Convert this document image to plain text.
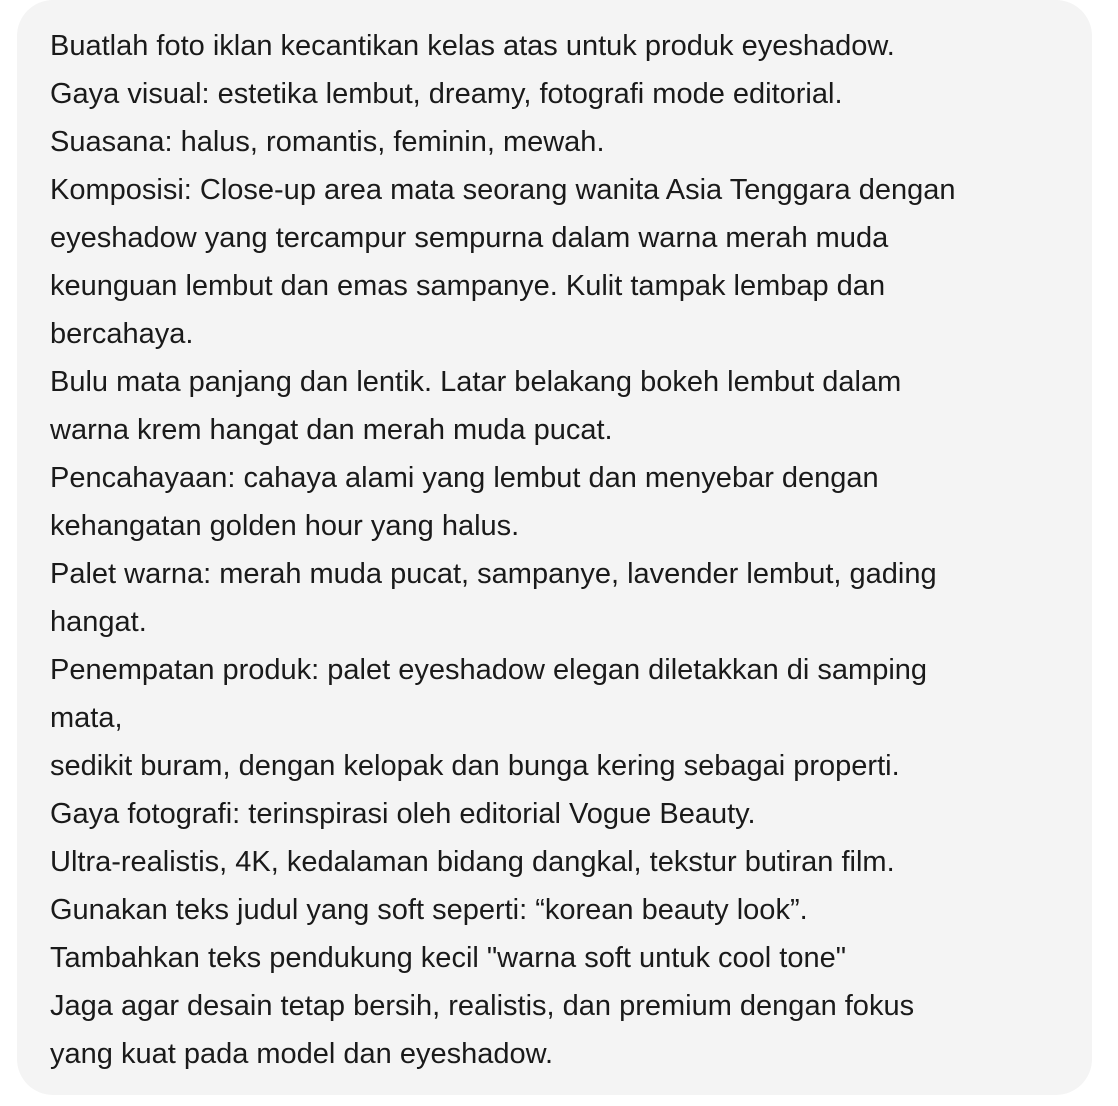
Buatlah foto iklan kecantikan kelas atas untuk produk eyeshadow.

Gaya visual: estetika lembut, dreamy, fotografi mode editorial.

Suasana: halus, romantis, feminin, mewah.

Komposisi: Close-up area mata seorang wanita Asia Tenggara dengan

eyeshadow yang tercampur sempurna dalam warna merah muda

keunguan lembut dan emas sampanye. Kulit tampak lembap dan

bercahaya.

Bulu mata panjang dan lentik. Latar belakang bokeh lembut dalam

warna krem hangat dan merah muda pucat.

Pencahayaan: cahaya alami yang lembut dan menyebar dengan

kehangatan golden hour yang halus.

Palet warna: merah muda pucat, sampanye, lavender lembut, gading

hangat.

Penempatan produk: palet eyeshadow elegan diletakkan di samping

mata,

sedikit buram, dengan kelopak dan bunga kering sebagai properti.

Gaya fotografi: terinspirasi oleh editorial Vogue Beauty.

Ultra-realistis, 4K, kedalaman bidang dangkal, tekstur butiran film.

Gunakan teks judul yang soft seperti: “korean beauty look”.

Tambahkan teks pendukung kecil "warna soft untuk cool tone"

Jaga agar desain tetap bersih, realistis, dan premium dengan fokus

yang kuat pada model dan eyeshadow.
